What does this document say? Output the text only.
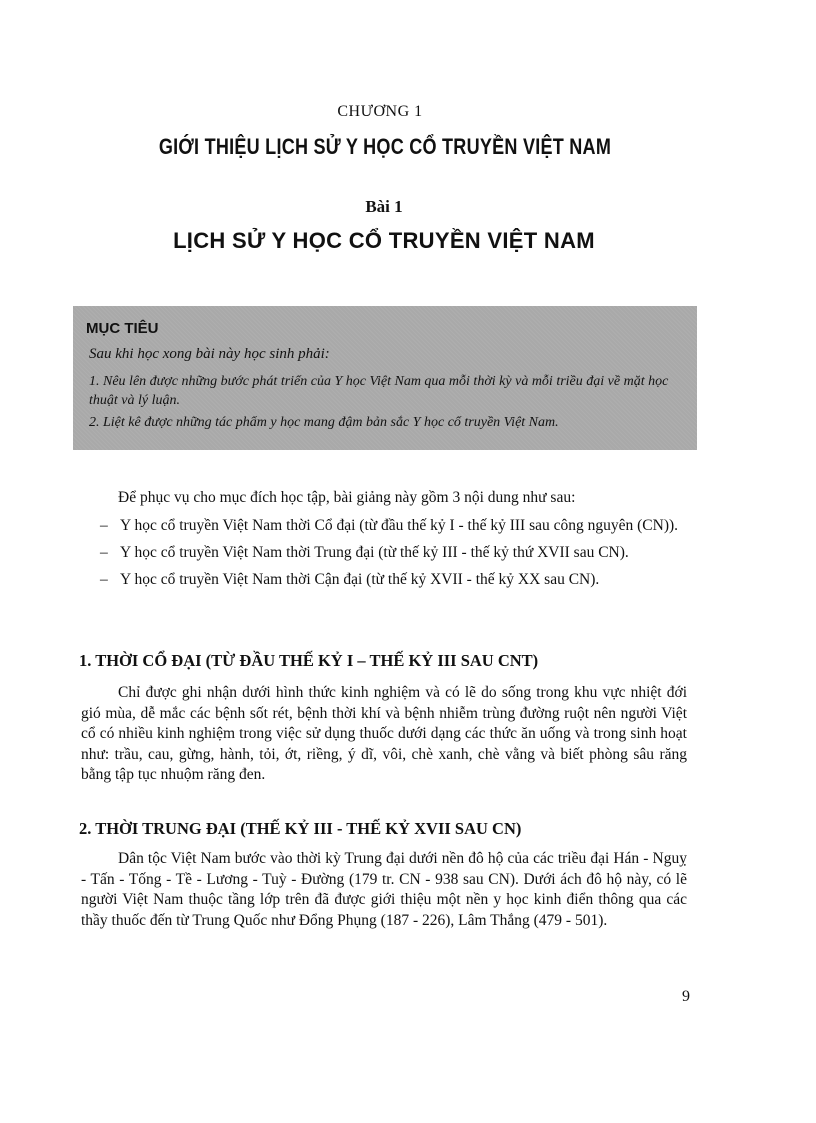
CHƯƠNG 1
GIỚI THIỆU LỊCH SỬ Y HỌC CỔ TRUYỀN VIỆT NAM
Bài 1
LỊCH SỬ Y HỌC CỔ TRUYỀN VIỆT NAM
MỤC TIÊU
Sau khi học xong bài này học sinh phải:
1. Nêu lên được những bước phát triển của Y học Việt Nam qua mỗi thời kỳ và mỗi triều đại về mặt học thuật và lý luận.
2. Liệt kê được những tác phẩm y học mang đậm bản sắc Y học cổ truyền Việt Nam.
Để phục vụ cho mục đích học tập, bài giảng này gồm 3 nội dung như sau:
– Y học cổ truyền Việt Nam thời Cổ đại (từ đầu thế kỷ I - thế kỷ III sau công nguyên (CN)).
– Y học cổ truyền Việt Nam thời Trung đại (từ thế kỷ III - thế kỷ thứ XVII sau CN).
– Y học cổ truyền Việt Nam thời Cận đại (từ thế kỷ XVII - thế kỷ XX sau CN).
1. THỜI CỔ ĐẠI (TỪ ĐẦU THẾ KỶ I – THẾ KỶ III SAU CNT)
Chỉ được ghi nhận dưới hình thức kinh nghiệm và có lẽ do sống trong khu vực nhiệt đới gió mùa, dễ mắc các bệnh sốt rét, bệnh thời khí và bệnh nhiễm trùng đường ruột nên người Việt cổ có nhiều kinh nghiệm trong việc sử dụng thuốc dưới dạng các thức ăn uống và trong sinh hoạt như: trầu, cau, gừng, hành, tỏi, ớt, riềng, ý dĩ, vôi, chè xanh, chè vằng và biết phòng sâu răng bằng tập tục nhuộm răng đen.
2. THỜI TRUNG ĐẠI (THẾ KỶ III - THẾ KỶ XVII SAU CN)
Dân tộc Việt Nam bước vào thời kỳ Trung đại dưới nền đô hộ của các triều đại Hán - Nguỵ - Tấn - Tống - Tề - Lương - Tuỳ - Đường (179 tr. CN - 938 sau CN). Dưới ách đô hộ này, có lẽ người Việt Nam thuộc tầng lớp trên đã được giới thiệu một nền y học kinh điển thông qua các thầy thuốc đến từ Trung Quốc như Đổng Phụng (187 - 226), Lâm Thắng (479 - 501).
9
